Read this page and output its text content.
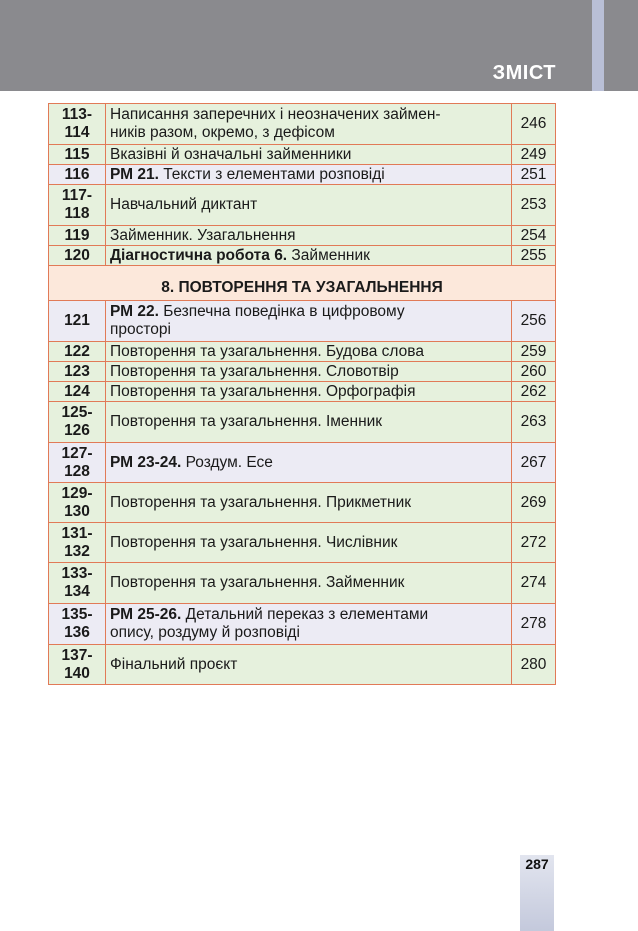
ЗМІСТ
113-
114	Написання заперечних і неозначених займен-
ників разом, окремо, з дефісом	246
115	Вказівні й означальні займенники	249
116	РМ 21. Тексти з елементами розповіді	251
117-
118	Навчальний диктант	253
119	Займенник. Узагальнення	254
120	Діагностична робота 6. Займенник	255
8. ПОВТОРЕННЯ ТА УЗАГАЛЬНЕННЯ		
121	РМ 22. Безпечна поведінка в цифровому
просторі	256
122	Повторення та узагальнення. Будова слова	259
123	Повторення та узагальнення. Словотвір	260
124	Повторення та узагальнення. Орфографія	262
125-
126	Повторення та узагальнення. Іменник	263
127-
128	РМ 23-24. Роздум. Есе	267
129-
130	Повторення та узагальнення. Прикметник	269
131-
132	Повторення та узагальнення. Числівник	272
133-
134	Повторення та узагальнення. Займенник	274
135-
136	РМ 25-26. Детальний переказ з елементами
опису, роздуму й розповіді	278
137-
140	Фінальний проєкт	280
287
